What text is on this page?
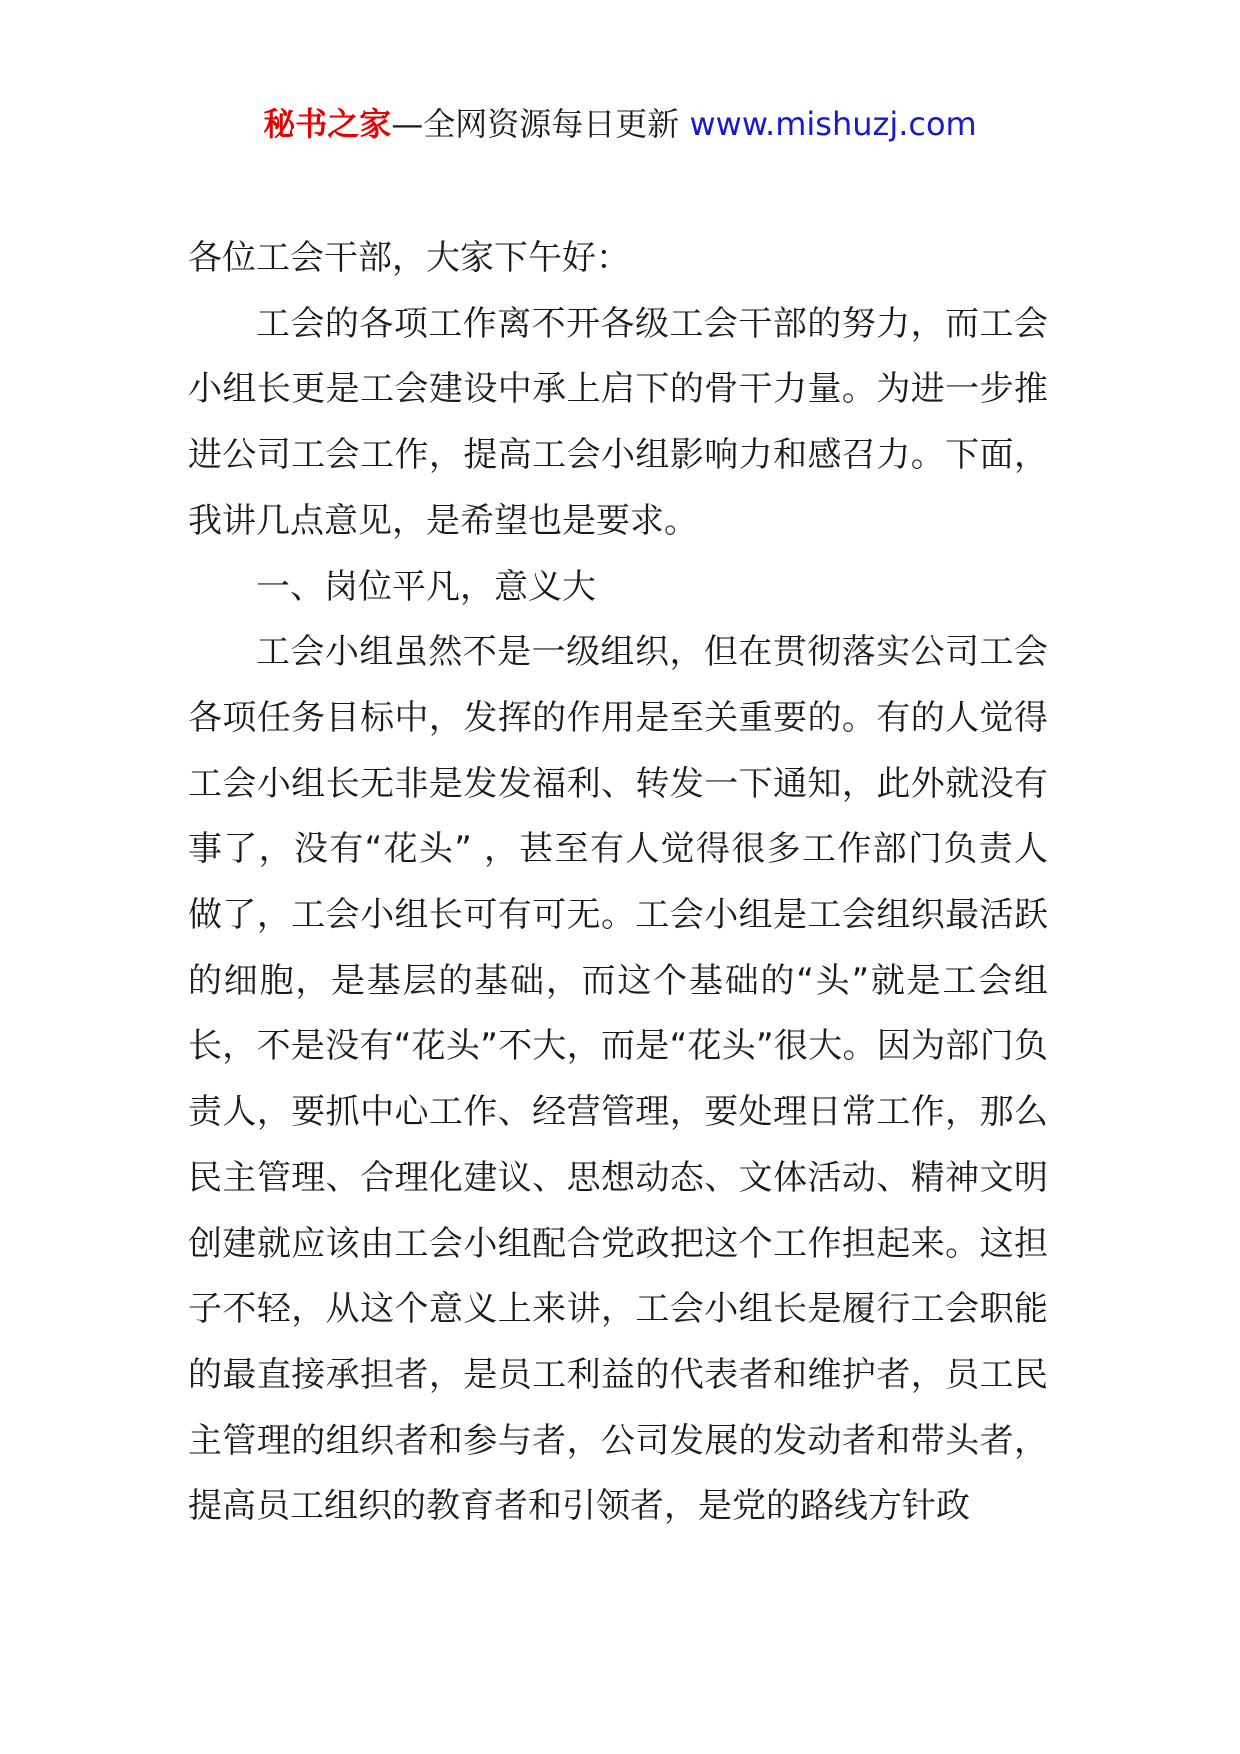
秘书之家—全网资源每日更新 www.mishuzj.com

各位工会干部，大家下午好：

工会的各项工作离不开各级工会干部的努力，而工会小组长更是工会建设中承上启下的骨干力量。为进一步推进公司工会工作，提高工会小组影响力和感召力。下面，我讲几点意见，是希望也是要求。

一、岗位平凡，意义大

工会小组虽然不是一级组织，但在贯彻落实公司工会各项任务目标中，发挥的作用是至关重要的。有的人觉得工会小组长无非是发发福利、转发一下通知，此外就没有事了，没有“花头” ，甚至有人觉得很多工作部门负责人做了，工会小组长可有可无。工会小组是工会组织最活跃的细胞，是基层的基础，而这个基础的“头”就是工会组长，不是没有“花头”不大，而是“花头”很大。因为部门负责人，要抓中心工作、经营管理，要处理日常工作，那么民主管理、合理化建议、思想动态、文体活动、精神文明创建就应该由工会小组配合党政把这个工作担起来。这担子不轻，从这个意义上来讲，工会小组长是履行工会职能的最直接承担者，是员工利益的代表者和维护者，员工民主管理的组织者和参与者，公司发展的发动者和带头者，提高员工组织的教育者和引领者，是党的路线方针政
